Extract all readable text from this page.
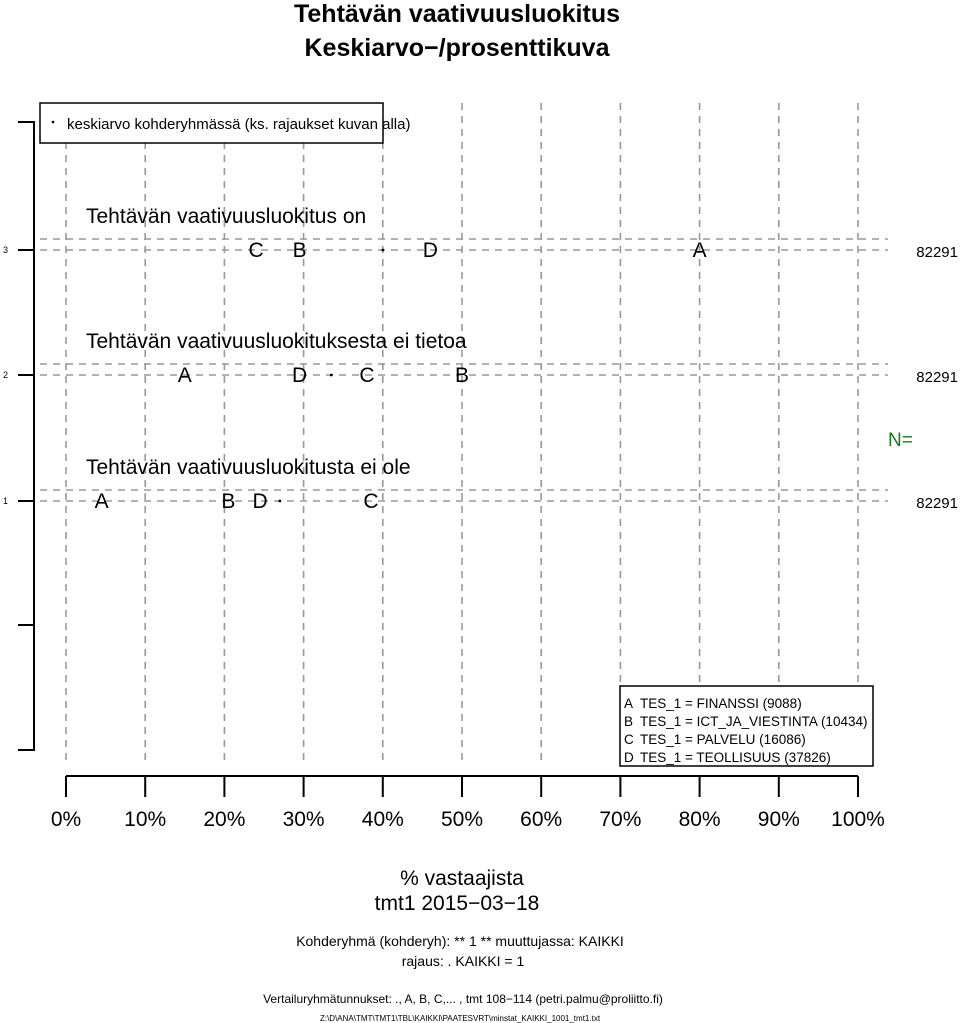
Tehtävän vaativuusluokitus
Keskiarvo−/prosenttikuva
keskiarvo kohderyhmässä (ks. rajaukset kuvan alla)
3
Tehtävän vaativuusluokitus on
C B	D	A	82291
2
Tehtävän vaativuusluokituksesta ei tietoa
A	D C	B	82291
1
Tehtävän vaativuusluokitusta ei ole
A	B D	C	82291
N=
A TES_1 = FINANSSI (9088)
B TES_1 = ICT_JA_VIESTINTA (10434)
C TES_1 = PALVELU (16086)
D TES_1 = TEOLLISUUS (37826)
0% 10% 20% 30% 40% 50% 60% 70% 80% 90% 100%
% vastaajista
tmt1 2015−03−18
Kohderyhmä (kohderyh): ** 1 ** muuttujassa: KAIKKI
rajaus: . KAIKKI = 1
Vertailuryhmätunnukset: ., A, B, C,... , tmt 108−114 (petri.palmu@proliitto.fi)
Z:\D\ANA\TMT\TMT1\TBL\KAIKKI\PAATESVRT\minstat_KAIKKI_1001_tmt1.txt
